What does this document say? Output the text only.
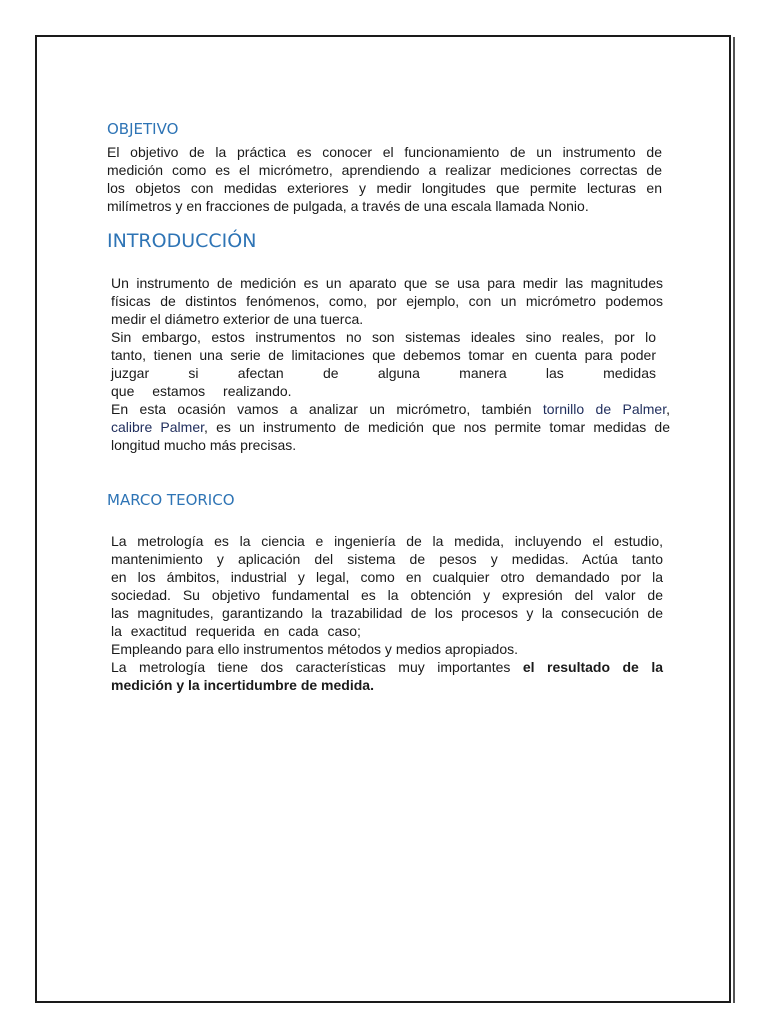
OBJETIVO
El objetivo de la práctica es conocer el funcionamiento de un instrumento de
medición como es el micrómetro, aprendiendo a realizar mediciones correctas de
los objetos con medidas exteriores y medir longitudes que permite lecturas en
milímetros y en fracciones de pulgada, a través de una escala llamada Nonio.
INTRODUCCIÓN
Un instrumento de medición es un aparato que se usa para medir las magnitudes
físicas de distintos fenómenos, como, por ejemplo, con un micrómetro podemos
medir el diámetro exterior de una tuerca.
Sin embargo, estos instrumentos no son sistemas ideales sino reales, por lo
tanto, tienen una serie de limitaciones que debemos tomar en cuenta para poder
juzgar si afectan de alguna manera las medidas
que estamos realizando.
En esta ocasión vamos a analizar un micrómetro, también tornillo de Palmer,
calibre Palmer, es un instrumento de medición que nos permite tomar medidas de
longitud mucho más precisas.
MARCO TEORICO
La metrología es la ciencia e ingeniería de la medida, incluyendo el estudio,
mantenimiento y aplicación del sistema de pesos y medidas. Actúa tanto
en los ámbitos, industrial y legal, como en cualquier otro demandado por la
sociedad. Su objetivo fundamental es la obtención y expresión del valor de
las magnitudes, garantizando la trazabilidad de los procesos y la consecución de
la exactitud requerida en cada caso;
Empleando para ello instrumentos métodos y medios apropiados.
La metrología tiene dos características muy importantes el resultado de la
medición y la incertidumbre de medida.
